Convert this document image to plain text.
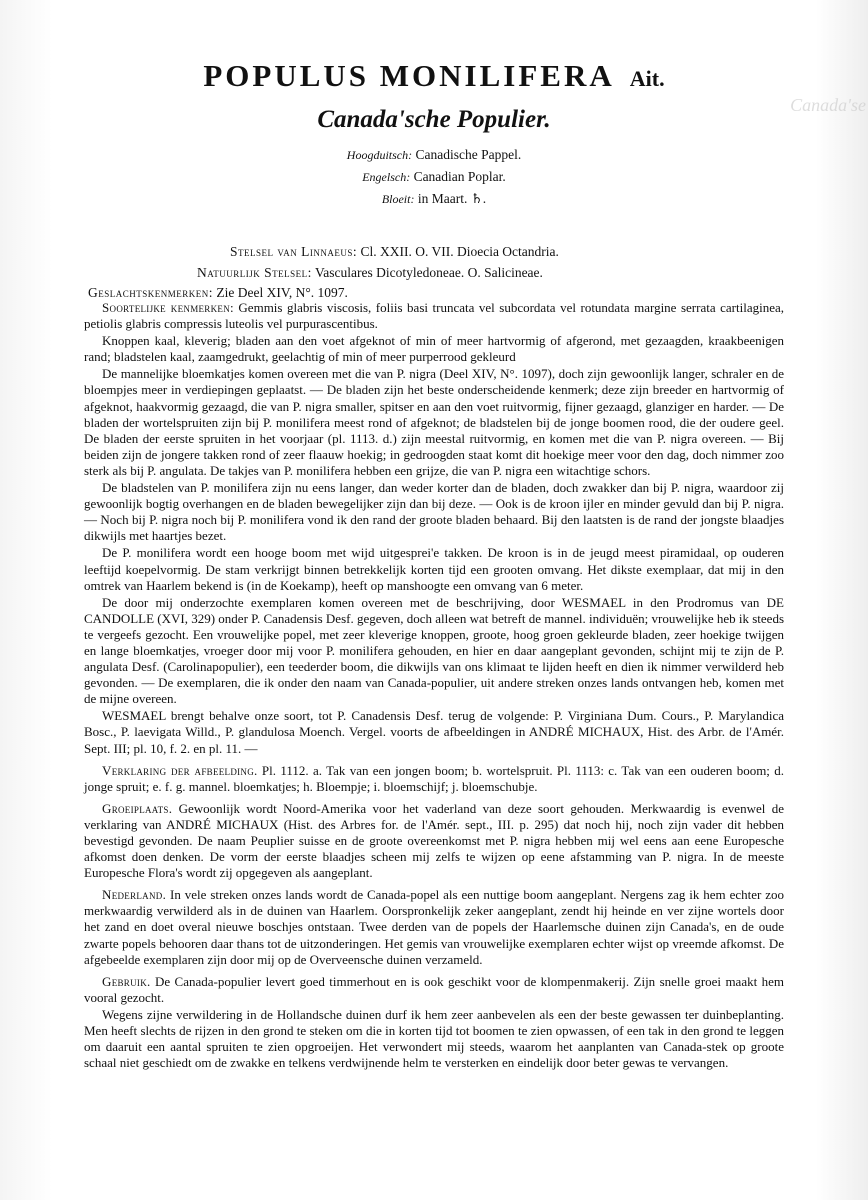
Canada'se
POPULUS MONILIFERA Ait.
Canada'sche Populier.
Hoogduitsch: Canadische Pappel.
Engelsch: Canadian Poplar.
Bloeit: in Maart. ♄.
Stelsel van Linnaeus: Cl. XXII. O. VII. Dioecia Octandria.
Natuurlijk Stelsel: Vasculares Dicotyledoneae. O. Salicineae.
Geslachtskenmerken: Zie Deel XIV, N°. 1097.

Soortelijke kenmerken: Gemmis glabris viscosis, foliis basi truncata vel subcordata vel rotundata margine serrata cartilaginea, petiolis glabris compressis luteolis vel purpurascentibus.

Knoppen kaal, kleverig; bladen aan den voet afgeknot of min of meer hartvormig of afgerond, met gezaagden, kraakbeenigen rand; bladstelen kaal, zaamgedrukt, geelachtig of min of meer purperrood gekleurd

De mannelijke bloemkatjes komen overeen met die van P. nigra (Deel XIV, N°. 1097), doch zijn gewoonlijk langer, schraler en de bloempjes meer in verdiepingen geplaatst. — De bladen zijn het beste onderscheidende kenmerk; deze zijn breeder en hartvormig of afgeknot, haakvormig gezaagd, die van P. nigra smaller, spitser en aan den voet ruitvormig, fijner gezaagd, glanziger en harder. — De bladen der wortelspruiten zijn bij P. monilifera meest rond of afgeknot; de bladstelen bij de jonge boomen rood, die der oudere geel. De bladen der eerste spruiten in het voorjaar (pl. 1113. d.) zijn meestal ruitvormig, en komen met die van P. nigra overeen. — Bij beiden zijn de jongere takken rond of zeer flaauw hoekig; in gedroogden staat komt dit hoekige meer voor den dag, doch nimmer zoo sterk als bij P. angulata. De takjes van P. monilifera hebben een grijze, die van P. nigra een witachtige schors.

De bladstelen van P. monilifera zijn nu eens langer, dan weder korter dan de bladen, doch zwakker dan bij P. nigra, waardoor zij gewoonlijk bogtig overhangen en de bladen bewegelijker zijn dan bij deze. — Ook is de kroon ijler en minder gevuld dan bij P. nigra. — Noch bij P. nigra noch bij P. monilifera vond ik den rand der groote bladen behaard. Bij den laatsten is de rand der jongste blaadjes dikwijls met haartjes bezet.

De P. monilifera wordt een hooge boom met wijd uitgesprei'e takken. De kroon is in de jeugd meest piramidaal, op ouderen leeftijd koepelvormig. De stam verkrijgt binnen betrekkelijk korten tijd een grooten omvang. Het dikste exemplaar, dat mij in den omtrek van Haarlem bekend is (in de Koekamp), heeft op manshoogte een omvang van 6 meter.

De door mij onderzochte exemplaren komen overeen met de beschrijving, door WESMAEL in den Prodromus van DE CANDOLLE (XVI, 329) onder P. Canadensis Desf. gegeven, doch alleen wat betreft de mannel. individuën; vrouwelijke heb ik steeds te vergeefs gezocht. Een vrouwelijke popel, met zeer kleverige knoppen, groote, hoog groen gekleurde bladen, zeer hoekige twijgen en lange bloemkatjes, vroeger door mij voor P. monilifera gehouden, en hier en daar aangeplant gevonden, schijnt mij te zijn de P. angulata Desf. (Carolinapopulier), een teederder boom, die dikwijls van ons klimaat te lijden heeft en dien ik nimmer verwilderd heb gevonden. — De exemplaren, die ik onder den naam van Canada-populier, uit andere streken onzes lands ontvangen heb, komen met de mijne overeen.

WESMAEL brengt behalve onze soort, tot P. Canadensis Desf. terug de volgende: P. Virginiana Dum. Cours., P. Marylandica Bosc., P. laevigata Willd., P. glandulosa Moench. Vergel. voorts de afbeeldingen in ANDRÉ MICHAUX, Hist. des Arbr. de l'Amér. Sept. III; pl. 10, f. 2. en pl. 11. —

Verklaring der afbeelding. Pl. 1112. a. Tak van een jongen boom; b. wortelspruit. Pl. 1113: c. Tak van een ouderen boom; d. jonge spruit; e. f. g. mannel. bloemkatjes; h. Bloempje; i. bloemschijf; j. bloemschubje.

Groeiplaats. Gewoonlijk wordt Noord-Amerika voor het vaderland van deze soort gehouden. Merkwaardig is evenwel de verklaring van ANDRÉ MICHAUX (Hist. des Arbres for. de l'Amér. sept., III. p. 295) dat noch hij, noch zijn vader dit hebben bevestigd gevonden. De naam Peuplier suisse en de groote overeenkomst met P. nigra hebben mij wel eens aan eene Europesche afkomst doen denken. De vorm der eerste blaadjes scheen mij zelfs te wijzen op eene afstamming van P. nigra. In de meeste Europesche Flora's wordt zij opgegeven als aangeplant.

Nederland. In vele streken onzes lands wordt de Canada-popel als een nuttige boom aangeplant. Nergens zag ik hem echter zoo merkwaardig verwilderd als in de duinen van Haarlem. Oorspronkelijk zeker aangeplant, zendt hij heinde en ver zijne wortels door het zand en doet overal nieuwe boschjes ontstaan. Twee derden van de popels der Haarlemsche duinen zijn Canada's, en de oude zwarte popels behooren daar thans tot de uitzonderingen. Het gemis van vrouwelijke exemplaren echter wijst op vreemde afkomst. De afgebeelde exemplaren zijn door mij op de Overveensche duinen verzameld.

Gebruik. De Canada-populier levert goed timmerhout en is ook geschikt voor de klompenmakerij. Zijn snelle groei maakt hem vooral gezocht.

Wegens zijne verwildering in de Hollandsche duinen durf ik hem zeer aanbevelen als een der beste gewassen ter duinbeplanting. Men heeft slechts de rijzen in den grond te steken om die in korten tijd tot boomen te zien opwassen, of een tak in den grond te leggen om daaruit een aantal spruiten te zien opgroeijen. Het verwondert mij steeds, waarom het aanplanten van Canada-stek op groote schaal niet geschiedt om de zwakke en telkens verdwijnende helm te versterken en eindelijk door beter gewas te vervangen.
